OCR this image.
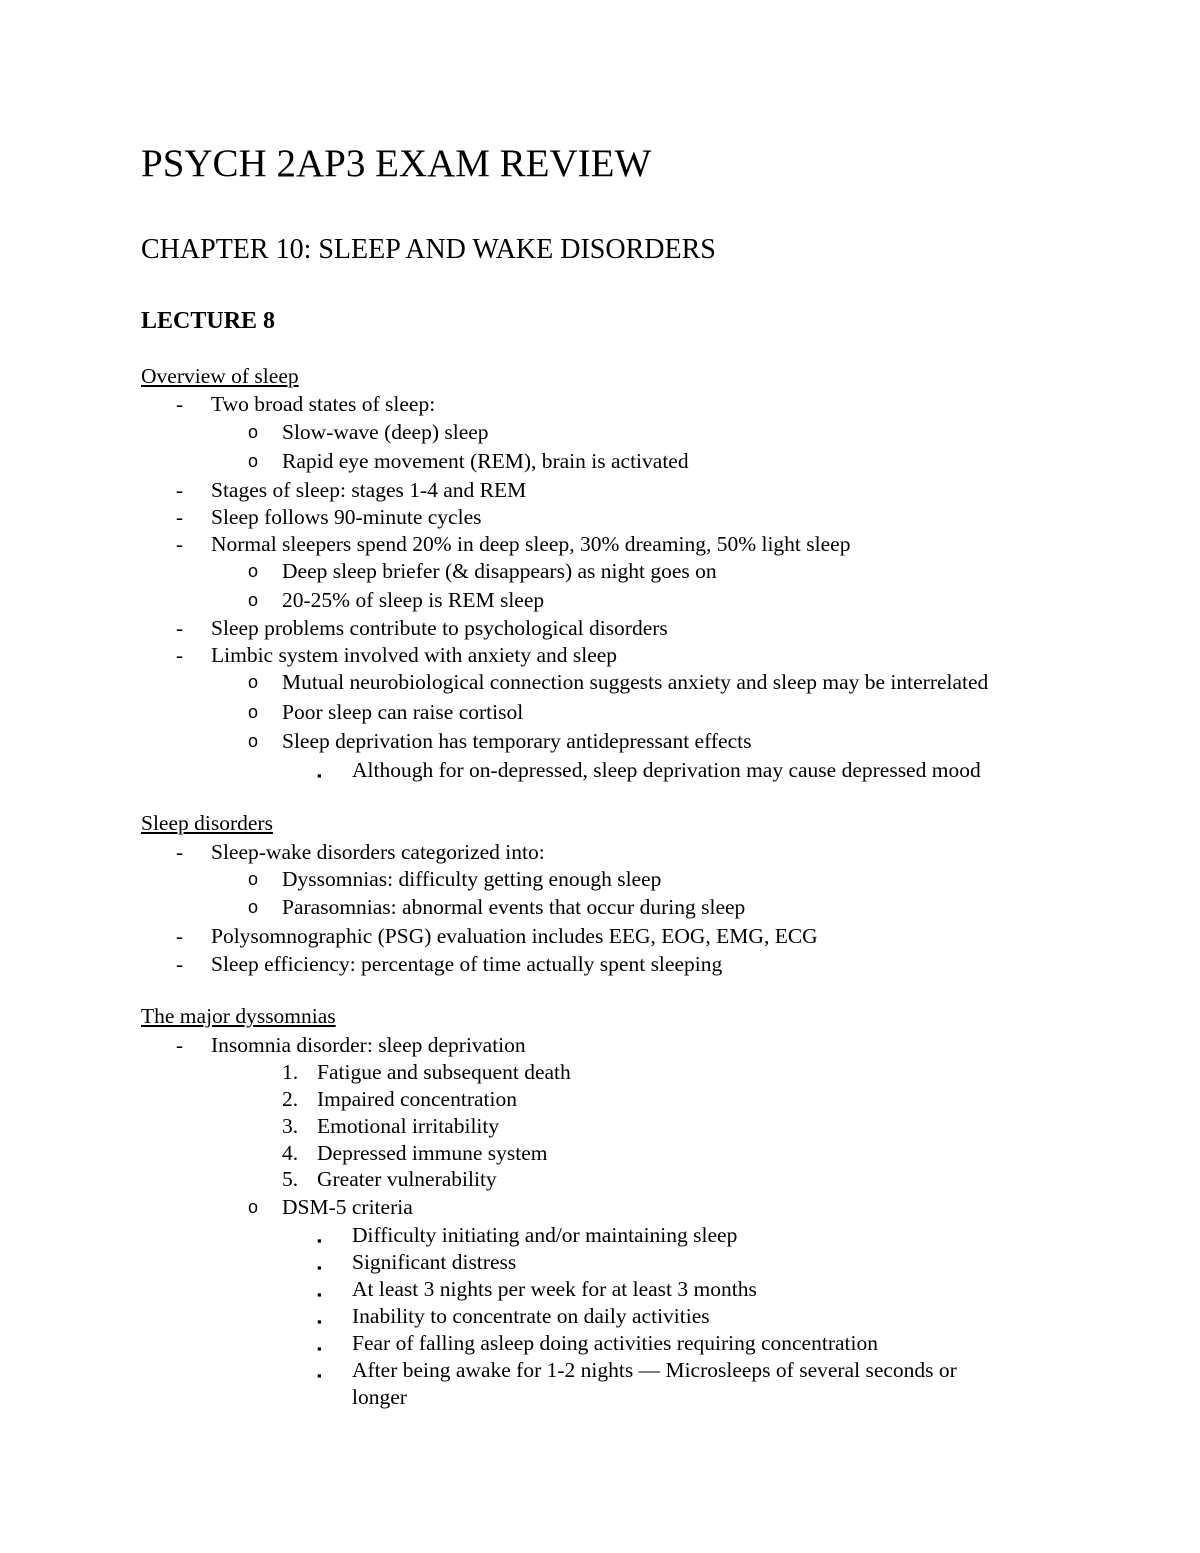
PSYCH 2AP3 EXAM REVIEW
CHAPTER 10: SLEEP AND WAKE DISORDERS
LECTURE 8
Overview of sleep
- Two broad states of sleep:
o Slow-wave (deep) sleep
o Rapid eye movement (REM), brain is activated
- Stages of sleep: stages 1-4 and REM
- Sleep follows 90-minute cycles
- Normal sleepers spend 20% in deep sleep, 30% dreaming, 50% light sleep
o Deep sleep briefer (& disappears) as night goes on
o 20-25% of sleep is REM sleep
- Sleep problems contribute to psychological disorders
- Limbic system involved with anxiety and sleep
o Mutual neurobiological connection suggests anxiety and sleep may be interrelated
o Poor sleep can raise cortisol
o Sleep deprivation has temporary antidepressant effects
▪ Although for on-depressed, sleep deprivation may cause depressed mood
Sleep disorders
- Sleep-wake disorders categorized into:
o Dyssomnias: difficulty getting enough sleep
o Parasomnias: abnormal events that occur during sleep
- Polysomnographic (PSG) evaluation includes EEG, EOG, EMG, ECG
- Sleep efficiency: percentage of time actually spent sleeping
The major dyssomnias
- Insomnia disorder: sleep deprivation
1. Fatigue and subsequent death
2. Impaired concentration
3. Emotional irritability
4. Depressed immune system
5. Greater vulnerability
o DSM-5 criteria
▪ Difficulty initiating and/or maintaining sleep
▪ Significant distress
▪ At least 3 nights per week for at least 3 months
▪ Inability to concentrate on daily activities
▪ Fear of falling asleep doing activities requiring concentration
▪ After being awake for 1-2 nights — Microsleeps of several seconds or
longer
